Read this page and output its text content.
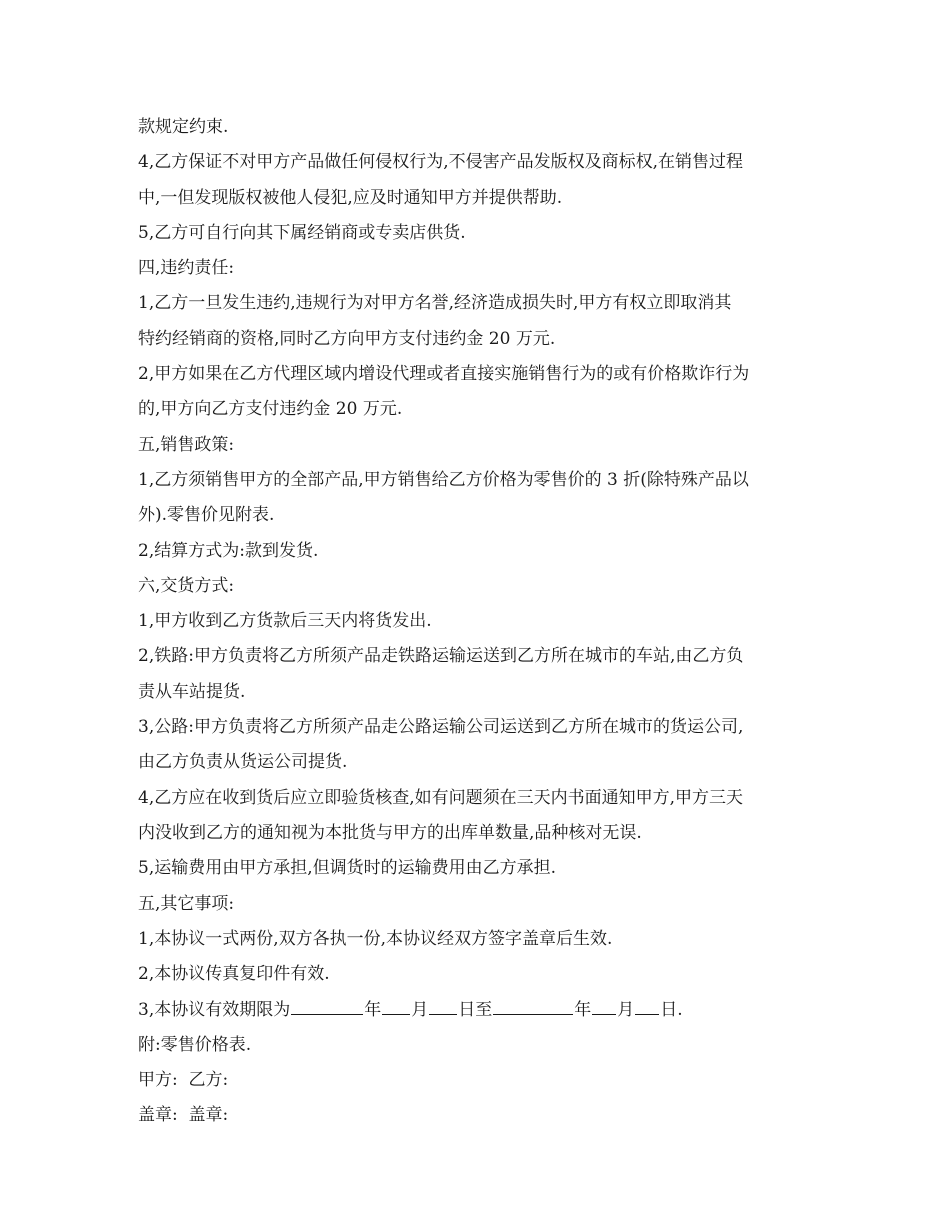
款规定约束.
4,乙方保证不对甲方产品做任何侵权行为,不侵害产品发版权及商标权,在销售过程
中,一但发现版权被他人侵犯,应及时通知甲方并提供帮助.
5,乙方可自行向其下属经销商或专卖店供货.
四,违约责任:
1,乙方一旦发生违约,违规行为对甲方名誉,经济造成损失时,甲方有权立即取消其
特约经销商的资格,同时乙方向甲方支付违约金 20 万元.
2,甲方如果在乙方代理区域内增设代理或者直接实施销售行为的或有价格欺诈行为
的,甲方向乙方支付违约金 20 万元.
五,销售政策:
1,乙方须销售甲方的全部产品,甲方销售给乙方价格为零售价的 3 折(除特殊产品以
外).零售价见附表.
2,结算方式为:款到发货.
六,交货方式:
1,甲方收到乙方货款后三天内将货发出.
2,铁路:甲方负责将乙方所须产品走铁路运输运送到乙方所在城市的车站,由乙方负
责从车站提货.
3,公路:甲方负责将乙方所须产品走公路运输公司运送到乙方所在城市的货运公司,
由乙方负责从货运公司提货.
4,乙方应在收到货后应立即验货核查,如有问题须在三天内书面通知甲方,甲方三天
内没收到乙方的通知视为本批货与甲方的出库单数量,品种核对无误.
5,运输费用由甲方承担,但调货时的运输费用由乙方承担.
五,其它事项:
1,本协议一式两份,双方各执一份,本协议经双方签字盖章后生效.
2,本协议传真复印件有效.
3,本协议有效期限为	年 月 日至	年 月 日.
附:零售价格表.
甲方:  乙方:
盖章:  盖章:
